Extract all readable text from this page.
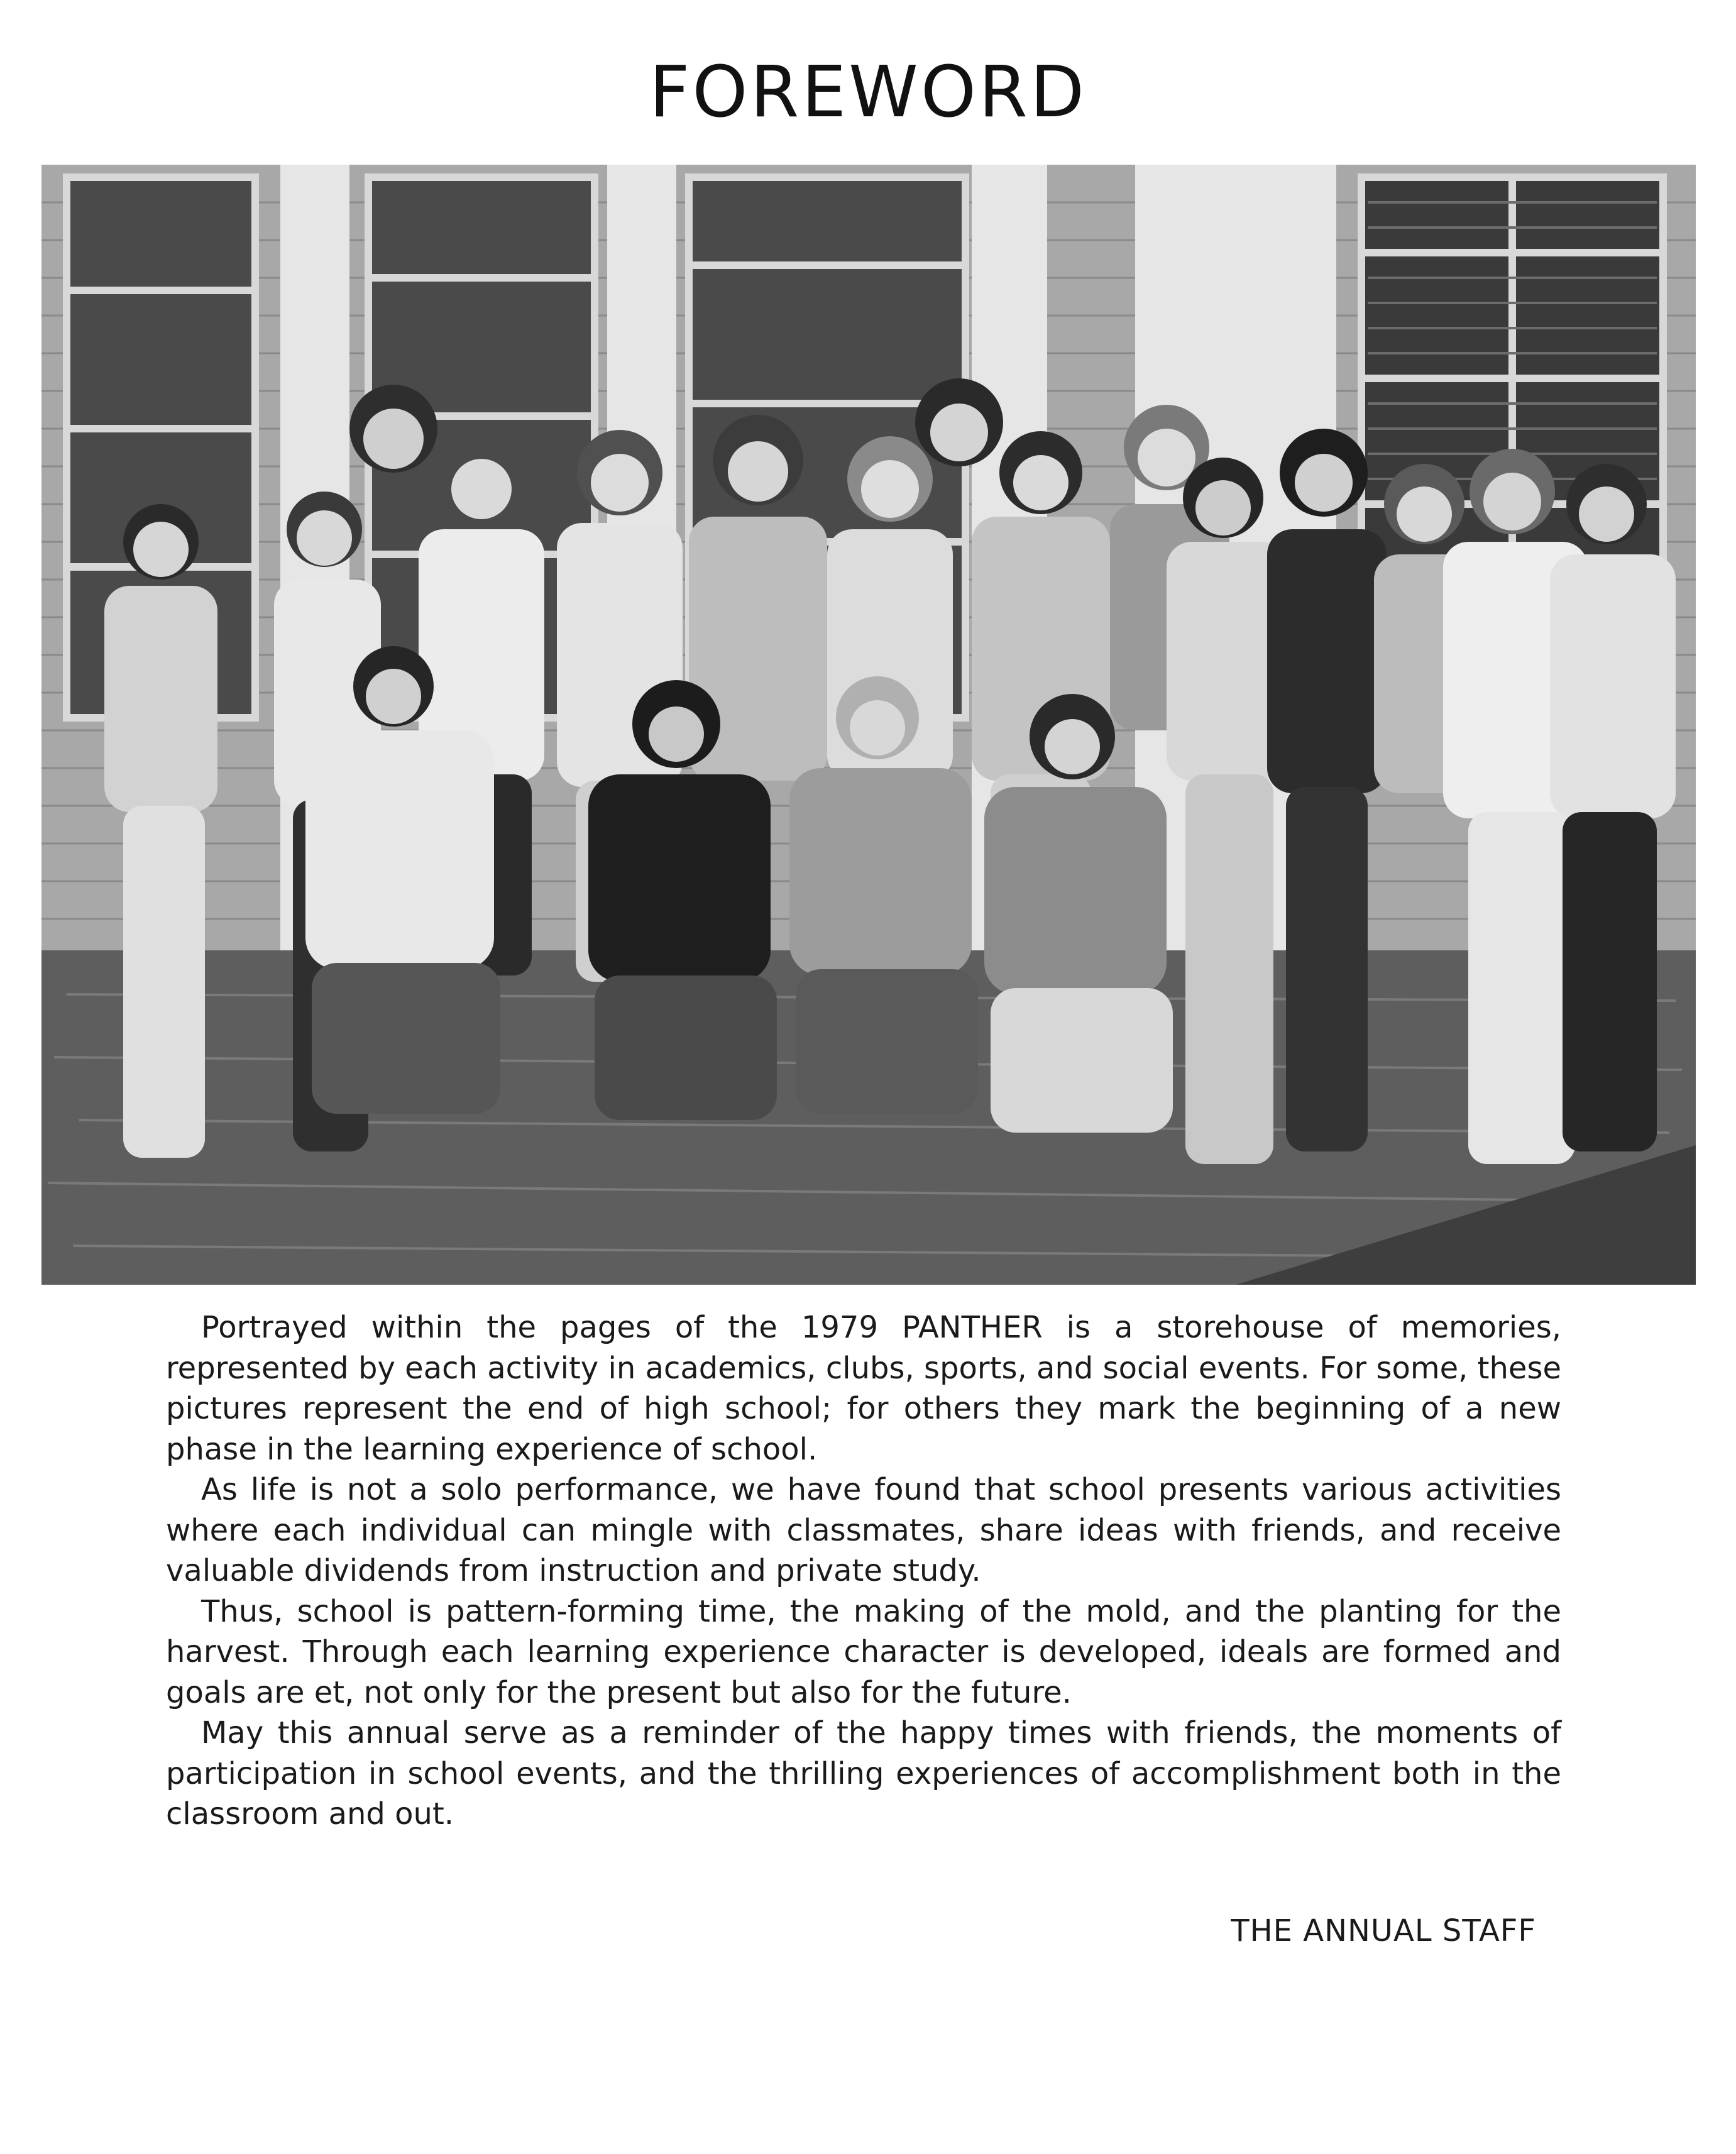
FOREWORD

Portrayed within the pages of the 1979 PANTHER is a storehouse of memories, represented by each activity in academics, clubs, sports, and social events. For some, these pictures represent the end of high school; for others they mark the beginning of a new phase in the learning experience of school.

As life is not a solo performance, we have found that school presents various activities where each individual can mingle with classmates, share ideas with friends, and receive valuable dividends from instruction and private study.

Thus, school is pattern-forming time, the making of the mold, and the planting for the harvest. Through each learning experience character is developed, ideals are formed and goals are et, not only for the present but also for the future.

May this annual serve as a reminder of the happy times with friends, the moments of participation in school events, and the thrilling experiences of accomplishment both in the classroom and out.

THE ANNUAL STAFF
